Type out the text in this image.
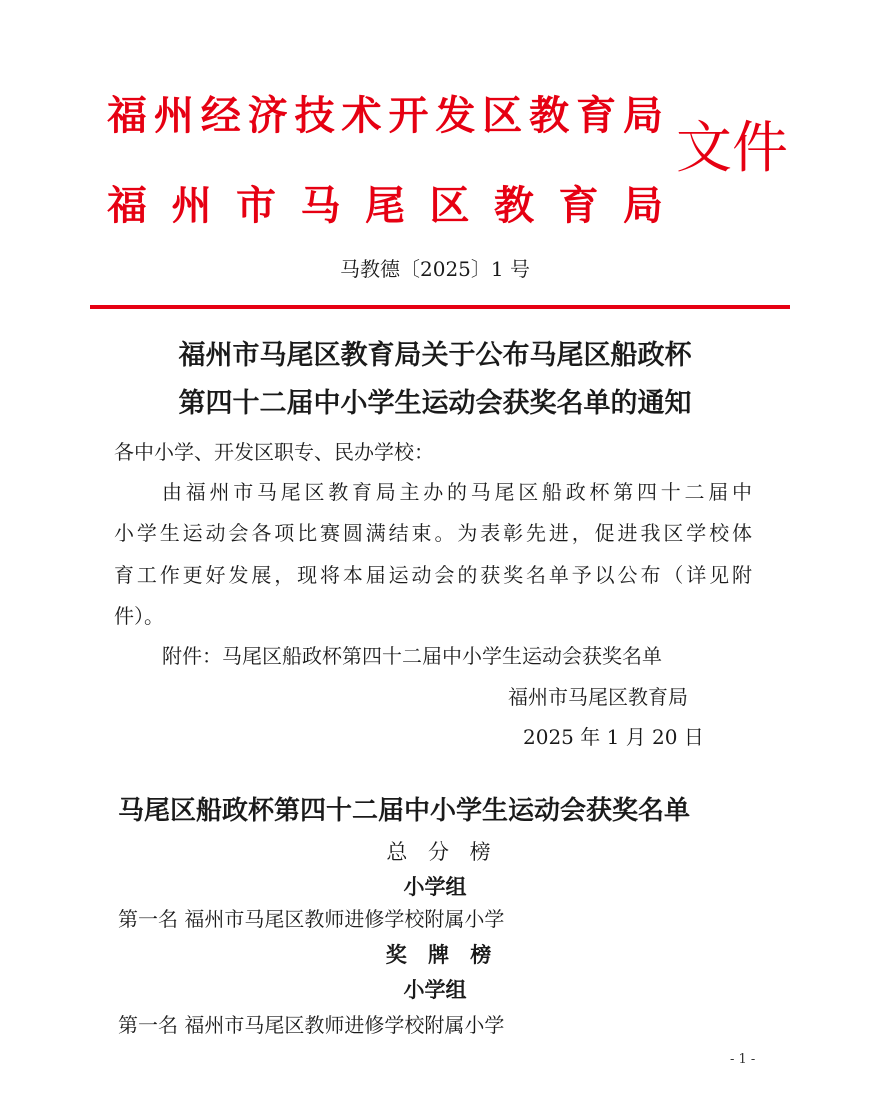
福州经济技术开发区教育局
福州市马尾区教育局
文件
马教德〔2025〕1 号
福州市马尾区教育局关于公布马尾区船政杯
第四十二届中小学生运动会获奖名单的通知
各中小学、开发区职专、民办学校：
由福州市马尾区教育局主办的马尾区船政杯第四十二届中
小学生运动会各项比赛圆满结束。为表彰先进，促进我区学校体
育工作更好发展，现将本届运动会的获奖名单予以公布（详见附
件）。
附件：马尾区船政杯第四十二届中小学生运动会获奖名单
福州市马尾区教育局
2025 年 1 月 20 日
马尾区船政杯第四十二届中小学生运动会获奖名单
总 分 榜
小学组
第一名 福州市马尾区教师进修学校附属小学
奖 牌 榜
小学组
第一名 福州市马尾区教师进修学校附属小学
- 1 -
